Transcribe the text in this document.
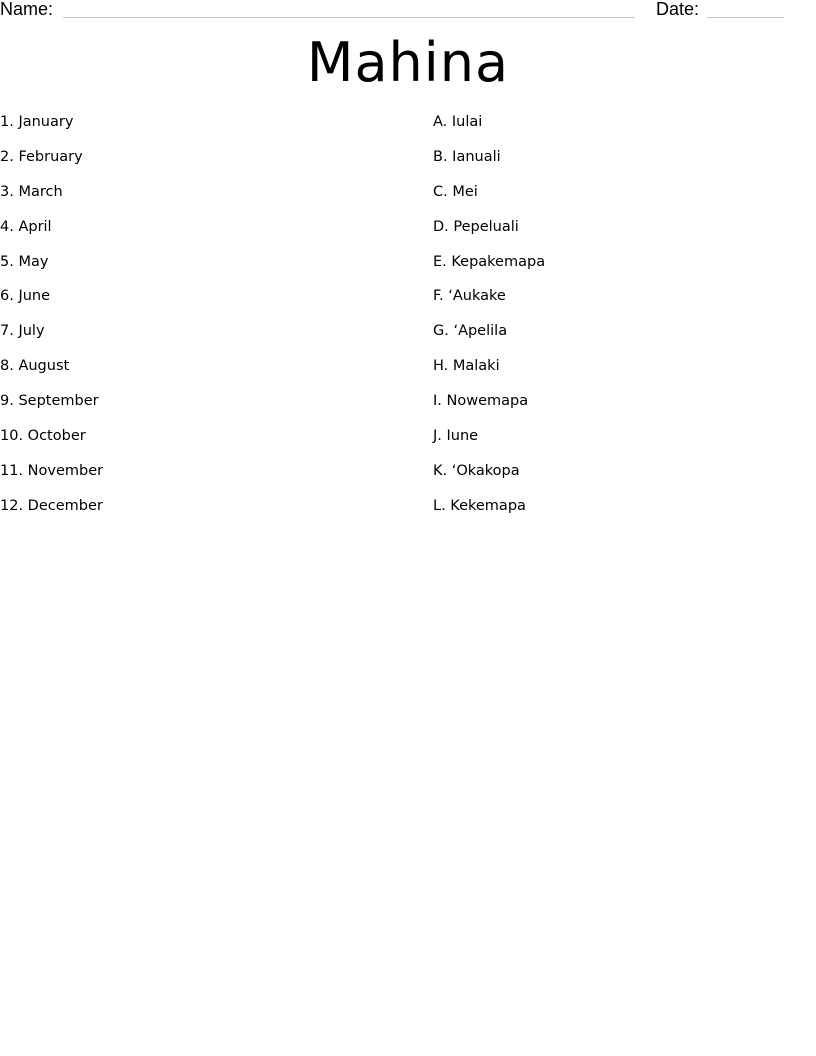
Name:	Date:
Mahina
1. January
2. February
3. March
4. April
5. May
6. June
7. July
8. August
9. September
10. October
11. November
12. December
A. Iulai
B. Ianuali
C. Mei
D. Pepeluali
E. Kepakemapa
F. ‘Aukake
G. ‘Apelila
H. Malaki
I. Nowemapa
J. Iune
K. ‘Okakopa
L. Kekemapa
